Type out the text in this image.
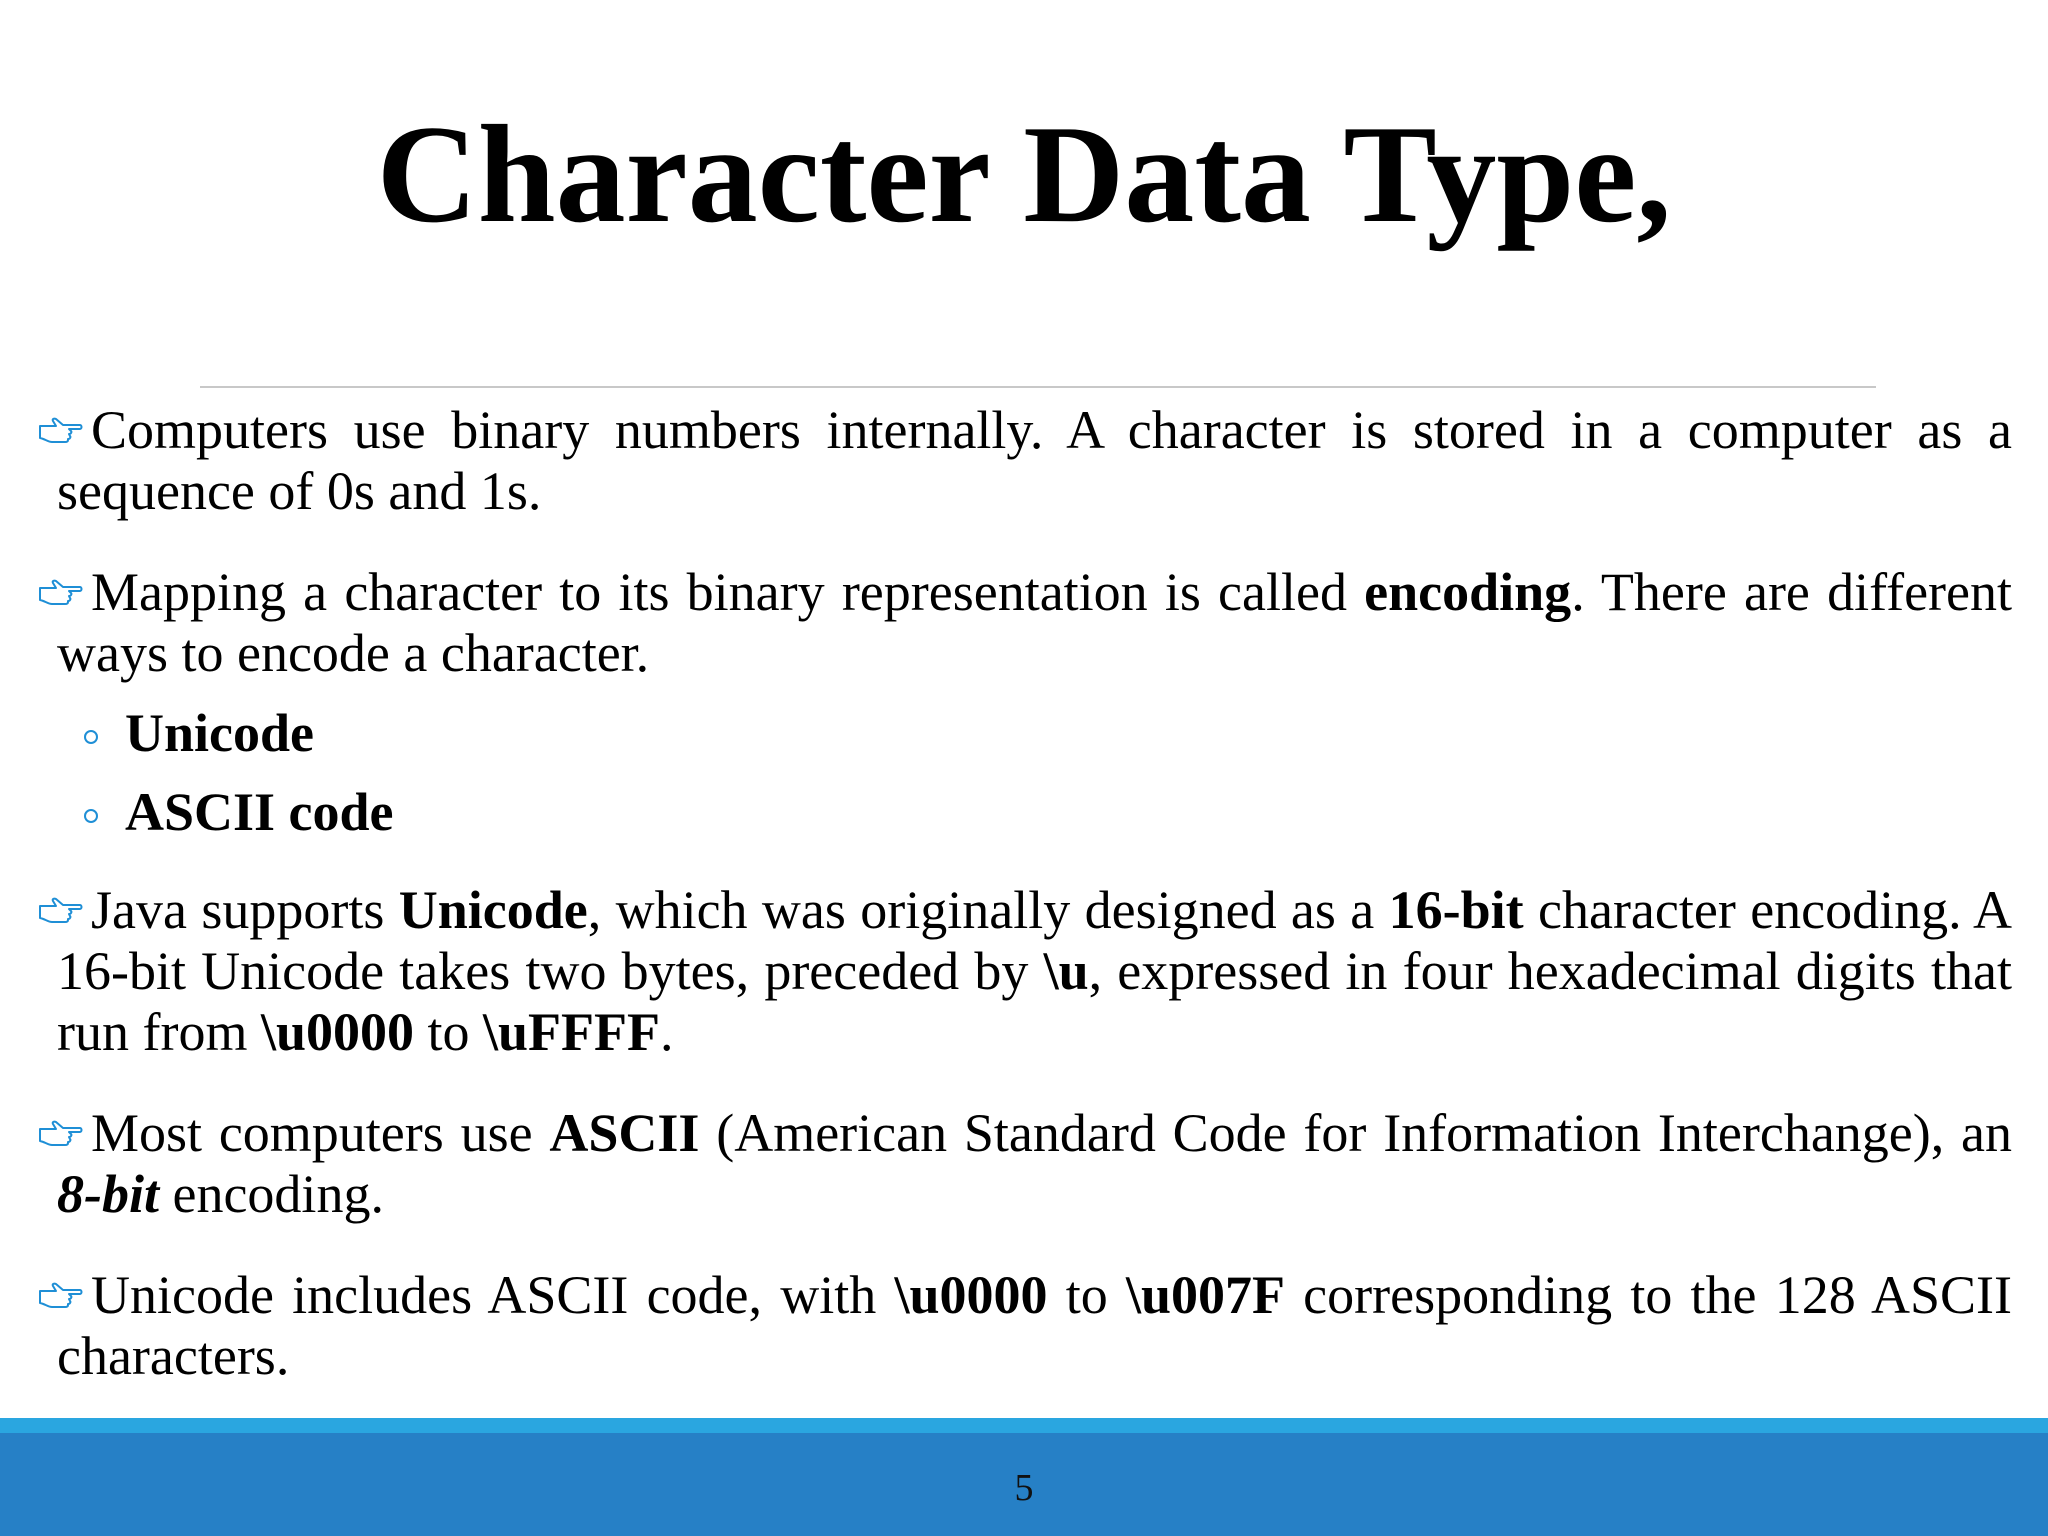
Character Data Type,

Computers use binary numbers internally. A character is stored in a computer as a sequence of 0s and 1s.

Mapping a character to its binary representation is called encoding. There are different ways to encode a character.

Unicode
ASCII code

Java supports Unicode, which was originally designed as a 16-bit character encoding. A 16-bit Unicode takes two bytes, preceded by \u, expressed in four hexadecimal digits that run from \u0000 to \uFFFF.

Most computers use ASCII (American Standard Code for Information Interchange), an 8-bit encoding.

Unicode includes ASCII code, with \u0000 to \u007F corresponding to the 128 ASCII characters.

5
